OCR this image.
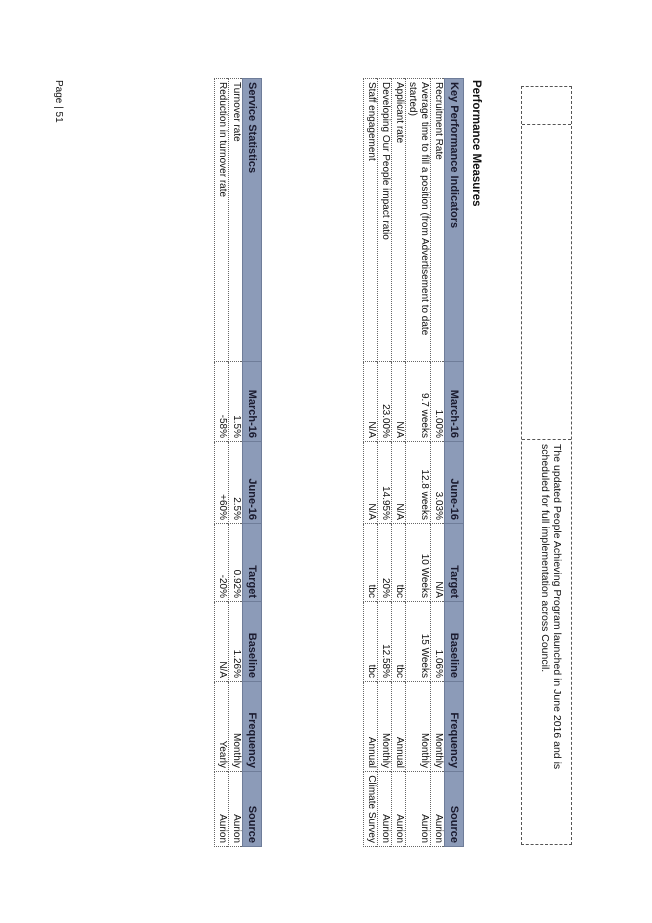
The updated People Achieving Program launched in June 2016 and is scheduled for full implementation across Council.
Performance Measures
Key Performance Indicators	March-16	June-16	Target	Baseline	Frequency	Source
Recruitment Rate	1.00%	3.03%	N/A	1.06%	Monthly	Aurion
Average time to fill a position (from Advertisement to date started)	9.7 weeks	12.8 weeks	10 Weeks	15 Weeks	Monthly	Aurion
Applicant rate	N/A	N/A	tbc	tbc	Annual	Aurion
Developing Our People impact ratio	23.00%	14.95%	20%	12.58%	Monthly	Aurion
Staff engagement	N/A	N/A	tbc	tbc	Annual	Climate Survey
Service Statistics	March-16	June-16	Target	Baseline	Frequency	Source
Turnover rate	1.5%	2.5%	0.92%	1.26%	Monthly	Aurion
Reduction in turnover rate	-58%	+60%	-20%	N/A	Yearly	Aurion
Page | 51
